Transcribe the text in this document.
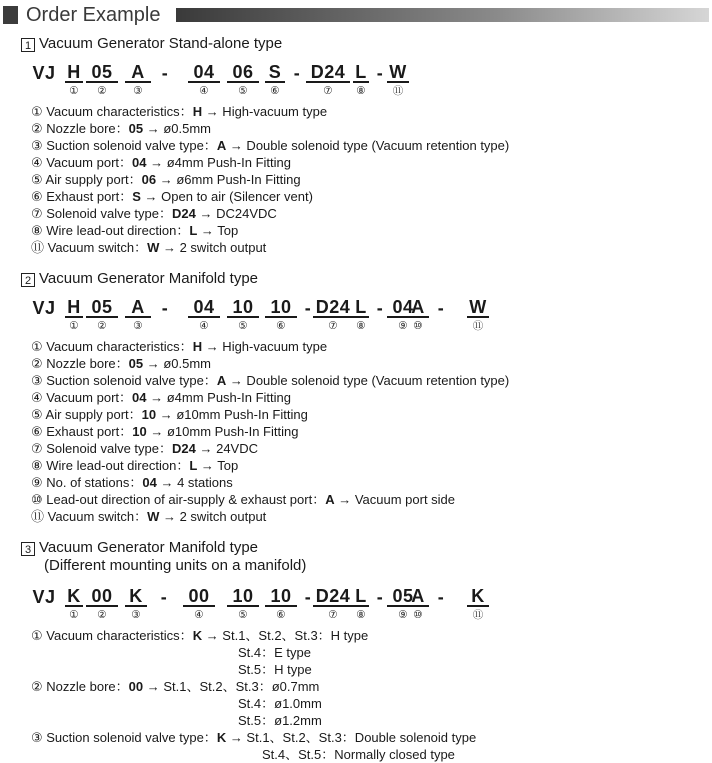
Order Example
1 Vacuum Generator Stand-alone type
VJ H
①
05
②
A
③
-	04
④
06
⑤
S
⑥
- D24
⑦
L
⑧
- W
⑪
① Vacuum characteristics：H → High-vacuum type
② Nozzle bore：05 → ø0.5mm
③ Suction solenoid valve type：A → Double solenoid type (Vacuum retention type)
④ Vacuum port：04 → ø4mm Push-In Fitting
⑤ Air supply port：06 → ø6mm Push-In Fitting
⑥ Exhaust port：S → Open to air (Silencer vent)
⑦ Solenoid valve type：D24 → DC24VDC
⑧ Wire lead-out direction：L → Top
⑪ Vacuum switch：W → 2 switch output
2 Vacuum Generator Manifold type
VJ H
①
05
②
A
③
-	04
④
10
⑤
10
⑥
- D24
⑦
L
⑧
- 04
⑨
A
⑩
- W
⑪
① Vacuum characteristics：H → High-vacuum type
② Nozzle bore：05 → ø0.5mm
③ Suction solenoid valve type：A → Double solenoid type (Vacuum retention type)
④ Vacuum port：04 → ø4mm Push-In Fitting
⑤ Air supply port：10 → ø10mm Push-In Fitting
⑥ Exhaust port：10 → ø10mm Push-In Fitting
⑦ Solenoid valve type：D24 → 24VDC
⑧ Wire lead-out direction：L → Top
⑨ No. of stations：04 → 4 stations
⑩ Lead-out direction of air-supply & exhaust port：A → Vacuum port side
⑪ Vacuum switch：W → 2 switch output
3 Vacuum Generator Manifold type
(Different mounting units on a manifold)
VJ K
①
00
②
K
③
-	00
④
10
⑤
10
⑥
- D24
⑦
L
⑧
- 05
⑨
A
⑩
- K
⑪
① Vacuum characteristics：K → St.1、St.2、St.3：H type
St.4：E type
St.5：H type
② Nozzle bore：00 → St.1、St.2、St.3：ø0.7mm
St.4：ø1.0mm
St.5：ø1.2mm
③ Suction solenoid valve type：K → St.1、St.2、St.3：Double solenoid type
St.4、St.5：Normally closed type
